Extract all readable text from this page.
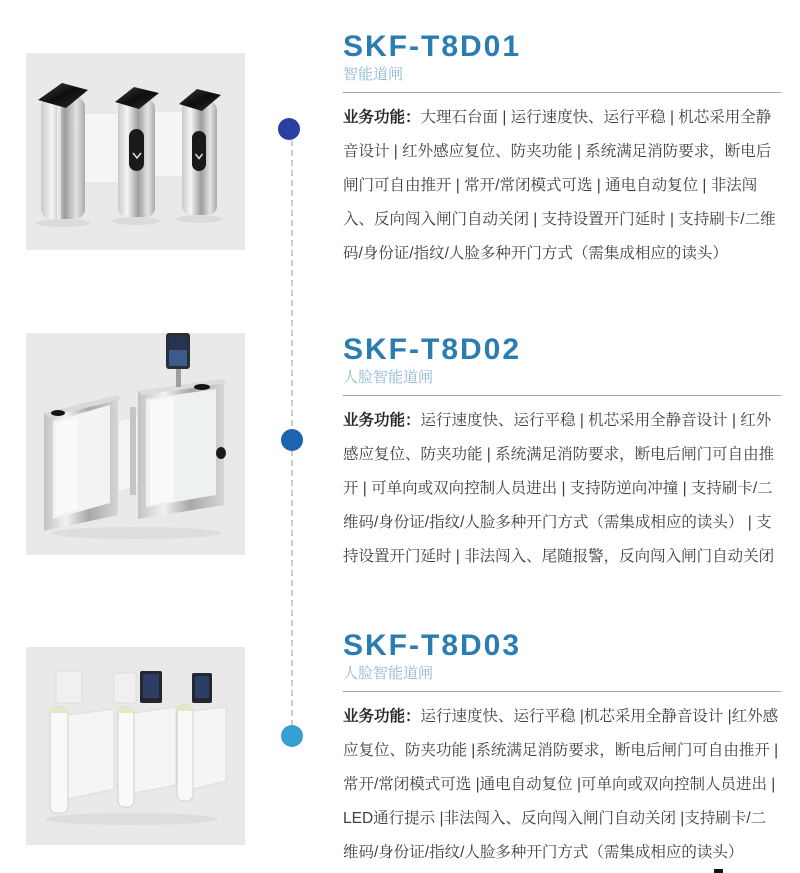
SKF-T8D01
智能道闸

业务功能：大理石台面 | 运行速度快、运行平稳 | 机芯采用全静音设计 | 红外感应复位、防夹功能 | 系统满足消防要求，断电后闸门可自由推开 | 常开/常闭模式可选 | 通电自动复位 | 非法闯入、反向闯入闸门自动关闭 | 支持设置开门延时 | 支持刷卡/二维码/身份证/指纹/人脸多种开门方式（需集成相应的读头）

SKF-T8D02
人脸智能道闸

业务功能：运行速度快、运行平稳 | 机芯采用全静音设计 | 红外感应复位、防夹功能 | 系统满足消防要求，断电后闸门可自由推开 | 可单向或双向控制人员进出 | 支持防逆向冲撞 | 支持刷卡/二维码/身份证/指纹/人脸多种开门方式（需集成相应的读头） | 支持设置开门延时 | 非法闯入、尾随报警，反向闯入闸门自动关闭

SKF-T8D03
人脸智能道闸

业务功能：运行速度快、运行平稳 |机芯采用全静音设计 |红外感应复位、防夹功能 |系统满足消防要求，断电后闸门可自由推开 |常开/常闭模式可选 |通电自动复位 |可单向或双向控制人员进出 |LED通行提示 |非法闯入、反向闯入闸门自动关闭 |支持刷卡/二维码/身份证/指纹/人脸多种开门方式（需集成相应的读头）
